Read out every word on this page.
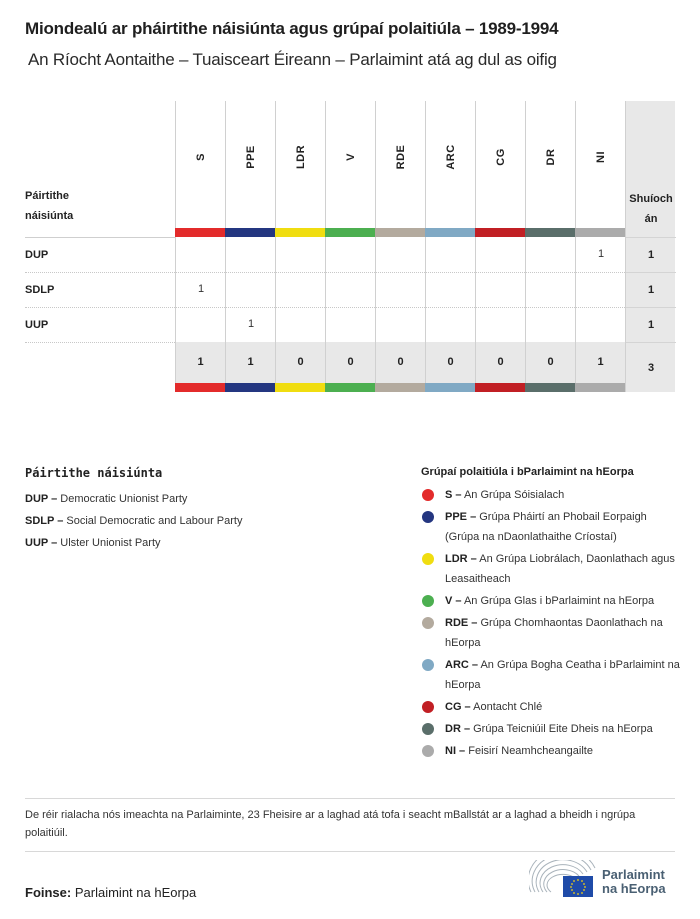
Miondealú ar pháirtithe náisiúnta agus grúpaí polaitiúla – 1989-1994
An Ríocht Aontaithe – Tuaisceart Éireann – Parlaimint atá ag dul as oifig
Páirtithe
náisiúnta
DUP
SDLP
UUP
S
1
1
PPE
1
1
LDR
0
V
0
RDE
0
ARC
0
CG
0
DR
0
NI
1
1
Shuíoch
án
1
1
1
3
Páirtithe náisiúnta
DUP – Democratic Unionist Party
SDLP – Social Democratic and Labour Party
UUP – Ulster Unionist Party
Grúpaí polaitiúla i bParlaimint na hEorpa
S – An Grúpa Sóisialach
PPE – Grúpa Pháirtí an Phobail Eorpaigh (Grúpa na nDaonlathaithe Críostaí)
LDR – An Grúpa Liobrálach, Daonlathach agus Leasaitheach
V – An Grúpa Glas i bParlaimint na hEorpa
RDE – Grúpa Chomhaontas Daonlathach na hEorpa
ARC – An Grúpa Bogha Ceatha i bParlaimint na hEorpa
CG – Aontacht Chlé
DR – Grúpa Teicniúil Eite Dheis na hEorpa
NI – Feisirí Neamhcheangailte
De réir rialacha nós imeachta na Parlaiminte, 23 Fheisire ar a laghad atá tofa i seacht mBallstát ar a laghad a bheidh i ngrúpa polaitiúil.
Foinse: Parlaimint na hEorpa
Parlaimint
na hEorpa
